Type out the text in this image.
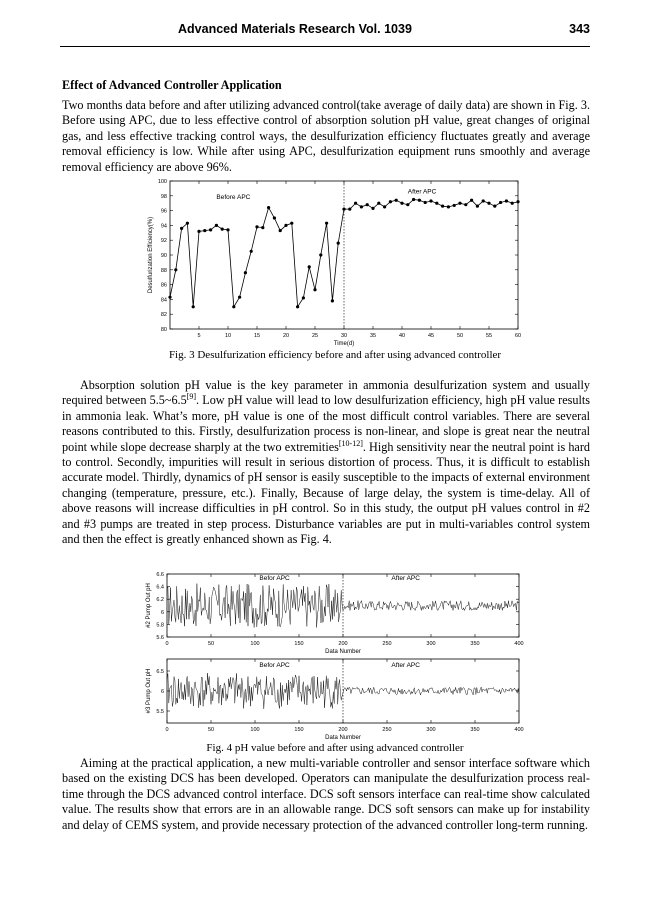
Advanced Materials Research Vol. 1039	343
Effect of Advanced Controller Application
Two months data before and after utilizing advanced control(take average of daily data) are shown in Fig. 3. Before using APC, due to less effective control of absorption solution pH value, great changes of original gas, and less effective tracking control ways, the desulfurization efficiency fluctuates greatly and average removal efficiency is low. While after using APC, desulfurization equipment runs smoothly and average removal efficiency are above 96%.
5	10	15	20	25	30	35	40	45	50	55	60
80
82
84
86
88
90
92
94
96
98
100
Time(d)
Desulfurization Efficiency(%)
Before APC
After APC
Fig. 3 Desulfurization efficiency before and after using advanced controller
Absorption solution pH value is the key parameter in ammonia desulfurization system and usually required between 5.5~6.5[9]. Low pH value will lead to low desulfurization efficiency, high pH value results in ammonia leak. What’s more, pH value is one of the most difficult control variables. There are several reasons contributed to this. Firstly, desulfurization process is non-linear, and slope is great near the neutral point while slope decrease sharply at the two extremities[10-12]. High sensitivity near the neutral point is hard to control. Secondly, impurities will result in serious distortion of process. Thus, it is difficult to establish accurate model. Thirdly, dynamics of pH sensor is easily susceptible to the impacts of external environment changing (temperature, pressure, etc.). Finally, Because of large delay, the system is time-delay. All of above reasons will increase difficulties in pH control. So in this study, the output pH values control in #2 and #3 pumps are treated in step process. Disturbance variables are put in multi-variables control system and then the effect is greatly enhanced shown as Fig. 4.
0	50	100	150	200	250	300	350	400
5.6
5.8
6
6.2
6.4
6.6
Data Number
#2 Pump Out pH
Befor APC	After APC
0	50	100	150	200	250	300	350	400
5.5
6
6.5
Data Number
#3 Pump Out pH
Befor APC	After APC
Fig. 4 pH value before and after using advanced controller
Aiming at the practical application, a new multi-variable controller and sensor interface software which based on the existing DCS has been developed. Operators can manipulate the desulfurization process real-time through the DCS advanced control interface. DCS soft sensors interface can real-time show calculated value. The results show that errors are in an allowable range. DCS soft sensors can make up for instability and delay of CEMS system, and provide necessary protection of the advanced controller long-term running.
